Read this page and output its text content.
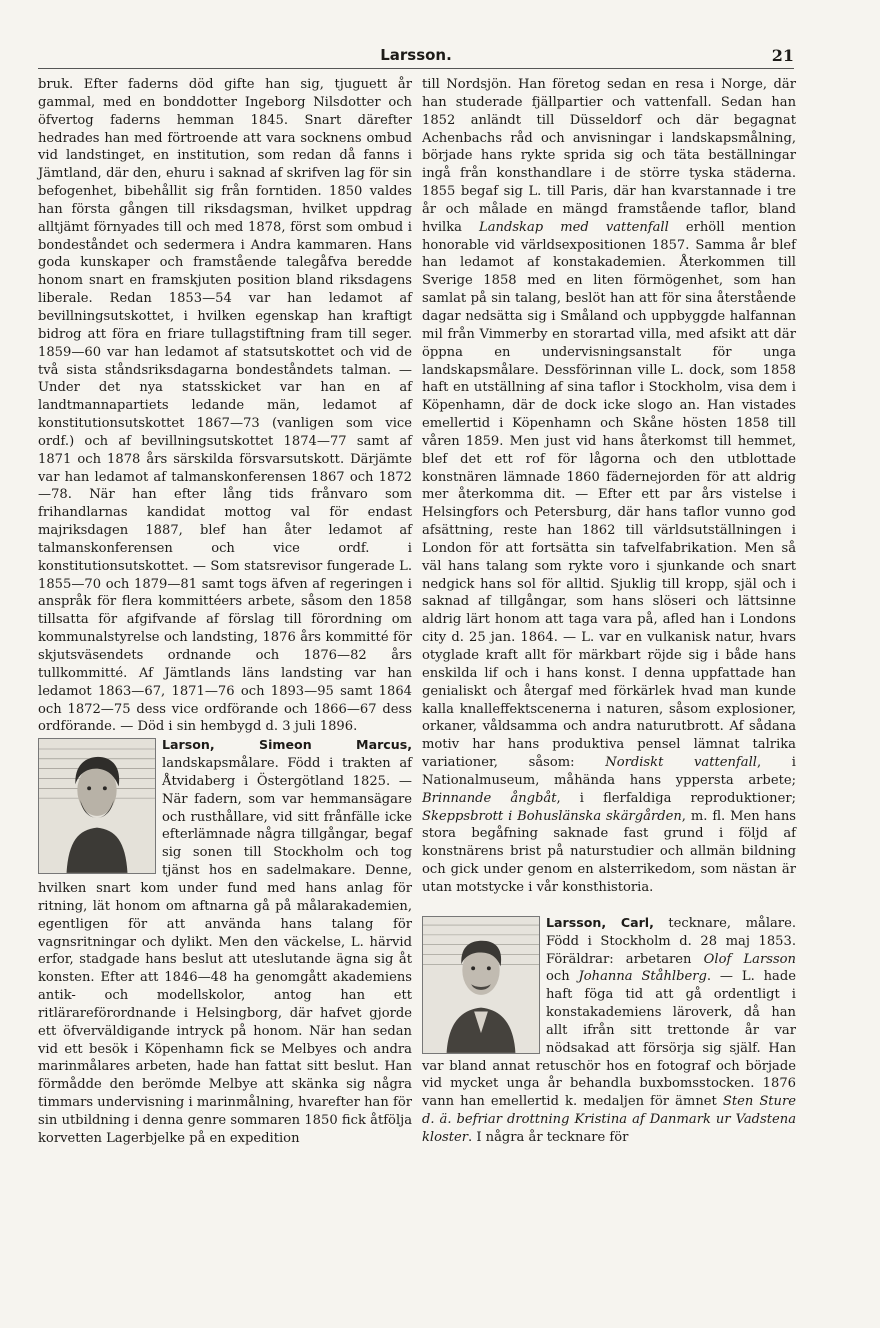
Larsson.	21

bruk. Efter faderns död gifte han sig, tjuguett år gammal, med en bonddotter Ingeborg Nilsdotter och öfvertog faderns hemman 1845. Snart därefter hedrades han med förtroende att vara socknens ombud vid landstinget, en institution, som redan då fanns i Jämtland, där den, ehuru i saknad af skrifven lag för sin befogenhet, bibehållit sig från forntiden. 1850 valdes han första gången till riksdagsman, hvilket uppdrag alltjämt förnyades till och med 1878, först som ombud i bondeståndet och sedermera i Andra kammaren. Hans goda kunskaper och framstående talegåfva beredde honom snart en framskjuten position bland riksdagens liberale. Redan 1853—54 var han ledamot af bevillningsutskottet, i hvilken egenskap han kraftigt bidrog att föra en friare tullagstiftning fram till seger. 1859—60 var han ledamot af statsutskottet och vid de två sista ståndsriksdagarna bondeståndets talman. — Under det nya statsskicket var han en af landtmannapartiets ledande män, ledamot af konstitutionsutskottet 1867—73 (vanligen som vice ordf.) och af bevillningsutskottet 1874—77 samt af 1871 och 1878 års särskilda försvarsutskott. Därjämte var han ledamot af talmanskonferensen 1867 och 1872—78. När han efter lång tids frånvaro som frihandlarnas kandidat mottog val för endast majriksdagen 1887, blef han åter ledamot af talmanskonferensen och vice ordf. i konstitutionsutskottet. — Som statsrevisor fungerade L. 1855—70 och 1879—81 samt togs äfven af regeringen i anspråk för flera kommittéers arbete, såsom den 1858 tillsatta för afgifvande af förslag till förordning om kommunalstyrelse och landsting, 1876 års kommitté för skjutsväsendets ordnande och 1876—82 års tullkommitté. Af Jämtlands läns landsting var han ledamot 1863—67, 1871—76 och 1893—95 samt 1864 och 1872—75 dess vice ordförande och 1866—67 dess ordförande. — Död i sin hembygd d. 3 juli 1896.

Larson, Simeon Marcus,
landskapsmålare. Född i trakten af Åtvidaberg i Östergötland 1825. — När fadern, som var hemmansägare och rusthållare, vid sitt frånfälle icke efterlämnade några tillgångar, begaf sig sonen till Stockholm och tog tjänst hos en sadelmakare. Denne, hvilken snart kom under fund med hans anlag för ritning, lät honom om aftnarna gå på målarakademien, egentligen för att använda hans talang för vagnsritningar och dylikt. Men den väckelse, L. härvid erfor, stadgade hans beslut att uteslutande ägna sig åt konsten. Efter att 1846—48 ha genomgått akademiens antik- och modellskolor, antog han ett ritlärareförordnande i Helsingborg, där hafvet gjorde ett öfverväldigande intryck på honom. När han sedan vid ett besök i Köpenhamn fick se Melbyes och andra marinmålares arbeten, hade han fattat sitt beslut. Han förmådde den berömde Melbye att skänka sig några timmars undervisning i marinmålning, hvarefter han för sin utbildning i denna genre sommaren 1850 fick åtfölja korvetten Lagerbjelke på en expedition

till Nordsjön. Han företog sedan en resa i Norge, där han studerade fjällpartier och vattenfall. Sedan han 1852 anländt till Düsseldorf och där begagnat Achenbachs råd och anvisningar i landskapsmålning, började hans rykte sprida sig och täta beställningar ingå från konsthandlare i de större tyska städerna. 1855 begaf sig L. till Paris, där han kvarstannade i tre år och målade en mängd framstående taflor, bland hvilka Landskap med vattenfall erhöll mention honorable vid världsexpositionen 1857. Samma år blef han ledamot af konstakademien. Återkommen till Sverige 1858 med en liten förmögenhet, som han samlat på sin talang, beslöt han att för sina återstående dagar nedsätta sig i Småland och uppbyggde halfannan mil från Vimmerby en storartad villa, med afsikt att där öppna en undervisningsanstalt för unga landskapsmålare. Dessförinnan ville L. dock, som 1858 haft en utställning af sina taflor i Stockholm, visa dem i Köpenhamn, där de dock icke slogo an. Han vistades emellertid i Köpenhamn och Skåne hösten 1858 till våren 1859. Men just vid hans återkomst till hemmet, blef det ett rof för lågorna och den utblottade konstnären lämnade 1860 fädernejorden för att aldrig mer återkomma dit. — Efter ett par års vistelse i Helsingfors och Petersburg, där hans taflor vunno god afsättning, reste han 1862 till världsutställningen i London för att fortsätta sin tafvelfabrikation. Men så väl hans talang som rykte voro i sjunkande och snart nedgick hans sol för alltid. Sjuklig till kropp, själ och i saknad af tillgångar, som hans slöseri och lättsinne aldrig lärt honom att taga vara på, afled han i Londons city d. 25 jan. 1864. — L. var en vulkanisk natur, hvars otyglade kraft allt för märkbart röjde sig i både hans enskilda lif och i hans konst. I denna uppfattade han genialiskt och återgaf med förkärlek hvad man kunde kalla knalleffektscenerna i naturen, såsom explosioner, orkaner, våldsamma och andra naturutbrott. Af sådana motiv har hans produktiva pensel lämnat talrika variationer, såsom: Nordiskt vattenfall, i Nationalmuseum, måhända hans yppersta arbete; Brinnande ångbåt, i flerfaldiga reproduktioner; Skeppsbrott i Bohuslänska skärgården, m. fl. Men hans stora begåfning saknade fast grund i följd af konstnärens brist på naturstudier och allmän bildning och gick under genom en alsterrikedom, som nästan är utan motstycke i vår konsthistoria.

Larsson, Carl,
tecknare, målare. Född i Stockholm d. 28 maj 1853. Föräldrar: arbetaren Olof Larsson och Johanna Ståhlberg. — L. hade haft föga tid att gå ordentligt i konstakademiens läroverk, då han allt ifrån sitt trettonde år var nödsakad att försörja sig själf. Han var bland annat retuschör hos en fotograf och började vid mycket unga år behandla buxbomsstocken. 1876 vann han emellertid k. medaljen för ämnet Sten Sture d. ä. befriar drottning Kristina af Danmark ur Vadstena kloster. I några år tecknare för
